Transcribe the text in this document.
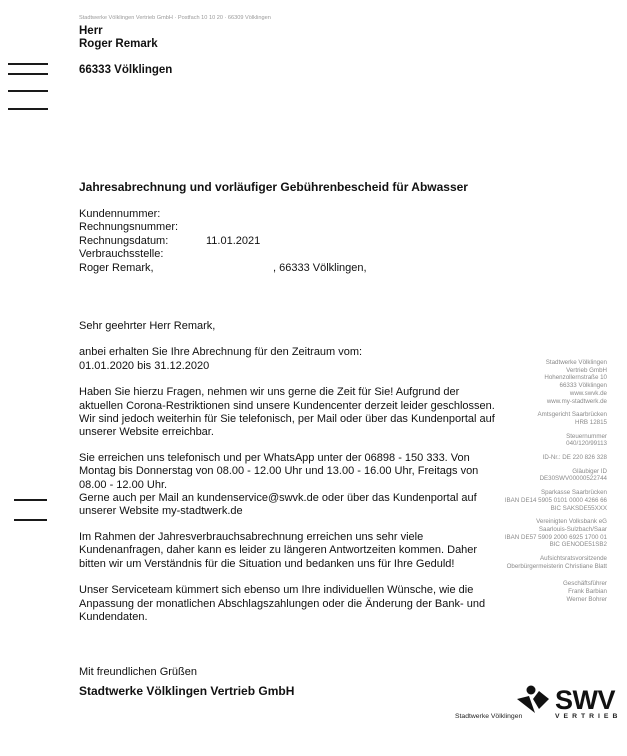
Stadtwerke Völklingen Vertrieb GmbH · Postfach 10 10 20 · 66309 Völklingen
Herr
Roger Remark
66333 Völklingen
Jahresabrechnung und vorläufiger Gebührenbescheid für Abwasser
Kundennummer:
Rechnungsnummer:
Rechnungsdatum:	11.01.2021
Verbrauchsstelle:
Roger Remark,	, 66333 Völklingen,

Sehr geehrter Herr Remark,

anbei erhalten Sie Ihre Abrechnung für den Zeitraum vom:
01.01.2020 bis 31.12.2020

Haben Sie hierzu Fragen, nehmen wir uns gerne die Zeit für Sie! Aufgrund der aktuellen Corona-Restriktionen sind unsere Kundencenter derzeit leider geschlossen.
Wir sind jedoch weiterhin für Sie telefonisch, per Mail oder über das Kundenportal auf unserer Website erreichbar.

Sie erreichen uns telefonisch und per WhatsApp unter der 06898 - 150 333. Von Montag bis Donnerstag von 08.00 - 12.00 Uhr und 13.00 - 16.00 Uhr, Freitags von 08.00 - 12.00 Uhr.
Gerne auch per Mail an kundenservice@swvk.de oder über das Kundenportal auf unserer Website my-stadtwerk.de

Im Rahmen der Jahresverbrauchsabrechnung erreichen uns sehr viele Kundenanfragen, daher kann es leider zu längeren Antwortzeiten kommen. Daher bitten wir um Verständnis für die Situation und bedanken uns für Ihre Geduld!

Unser Serviceteam kümmert sich ebenso um Ihre individuellen Wünsche, wie die Anpassung der monatlichen Abschlagszahlungen oder die Änderung der Bank- und Kundendaten.

Mit freundlichen Grüßen
Stadtwerke Völklingen Vertrieb GmbH
Stadtwerke Völklingen
Vertrieb GmbH
Hohenzollernstraße 10
66333 Völklingen
www.swvk.de
www.my-stadtwerk.de
Amtsgericht Saarbrücken
HRB 12815
Steuernummer
040/120/99113
ID-Nr.: DE 220 826 328
Gläubiger ID
DE30SWV00000522744
Sparkasse Saarbrücken
IBAN DE14 5905 0101 0000 4266 66
BIC SAKSDE55XXX
Vereinigten Volksbank eG
Saarlouis-Sulzbach/Saar
IBAN DE57 5909 2000 6925 1700 01
BIC GENODE51SB2
Aufsichtsratsvorsitzende
Oberbürgermeisterin Christiane Blatt
Geschäftsführer
Frank Barbian
Werner Bohrer
SWV
Stadtwerke Völklingen	VERTRIEB
